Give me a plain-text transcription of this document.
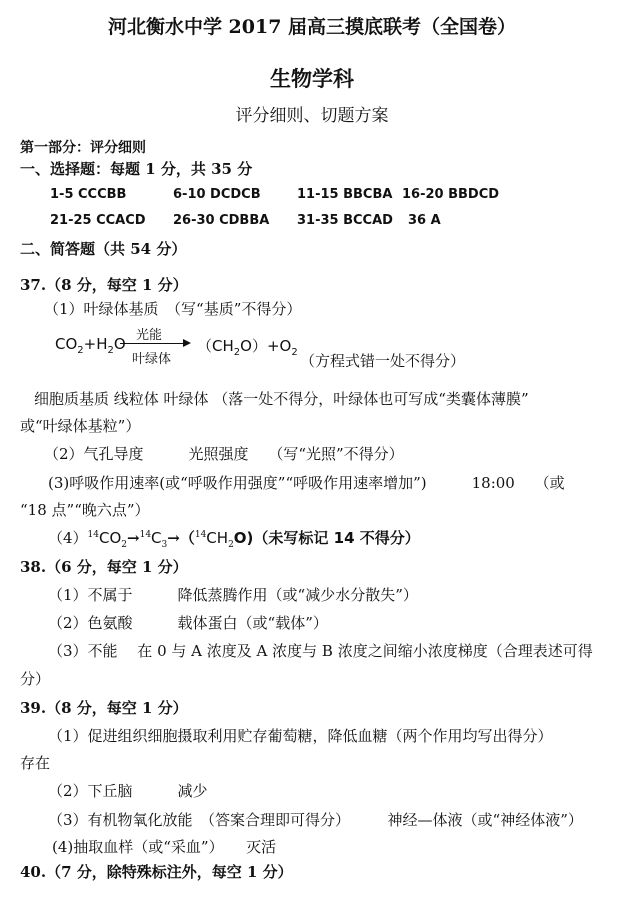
河北衡水中学 2017 届高三摸底联考（全国卷）
生物学科
评分细则、切题方案
第一部分：评分细则
一、选择题：每题 1 分，共 35 分
1-5 CCCBB	6-10 DCDCB	11-15 BBCBA 16-20 BBDCD
21-25 CCACD 26-30 CDBBA 31-35 BCCAD 36 A
二、简答题（共 54 分）
37.（8 分，每空 1 分）
（1）叶绿体基质　（写“基质”不得分）
$CO_2+H_2O$ 光能
叶绿体
$(CH_2O)+O_2$ （方程式错一处不得分）
细胞质基质 线粒体 叶绿体 （落一处不得分，叶绿体也可写成“类囊体薄膜”
或“叶绿体基粒”）
（2）气孔导度　　　光照强度　 （写“光照”不得分）
(3)呼吸作用速率(或“呼吸作用强度”“呼吸作用速率增加”)　　　18:00　 （或
“18 点”“晚六点”）
$(4)^{14}CO_2\to^{14}C_3\to(^{14}CH_2O)$（未写标记 14 不得分）
38.（6 分，每空 1 分）
（1）不属于　　　降低蒸腾作用（或“减少水分散失”）
（2）色氨酸　　　载体蛋白（或“载体”）
（3）不能　 在 0 与 A 浓度及 A 浓度与 B 浓度之间缩小浓度梯度（合理表述可得
分）
39.（8 分，每空 1 分）
（1）促进组织细胞摄取利用贮存葡萄糖，降低血糖（两个作用均写出得分）
存在
（2）下丘脑　　　减少
（3）有机物氧化放能　（答案合理即可得分）　　　神经—体液（或“神经体液”）
(4)抽取血样（或“采血”）　　灭活
40.（7 分，除特殊标注外，每空 1 分）
